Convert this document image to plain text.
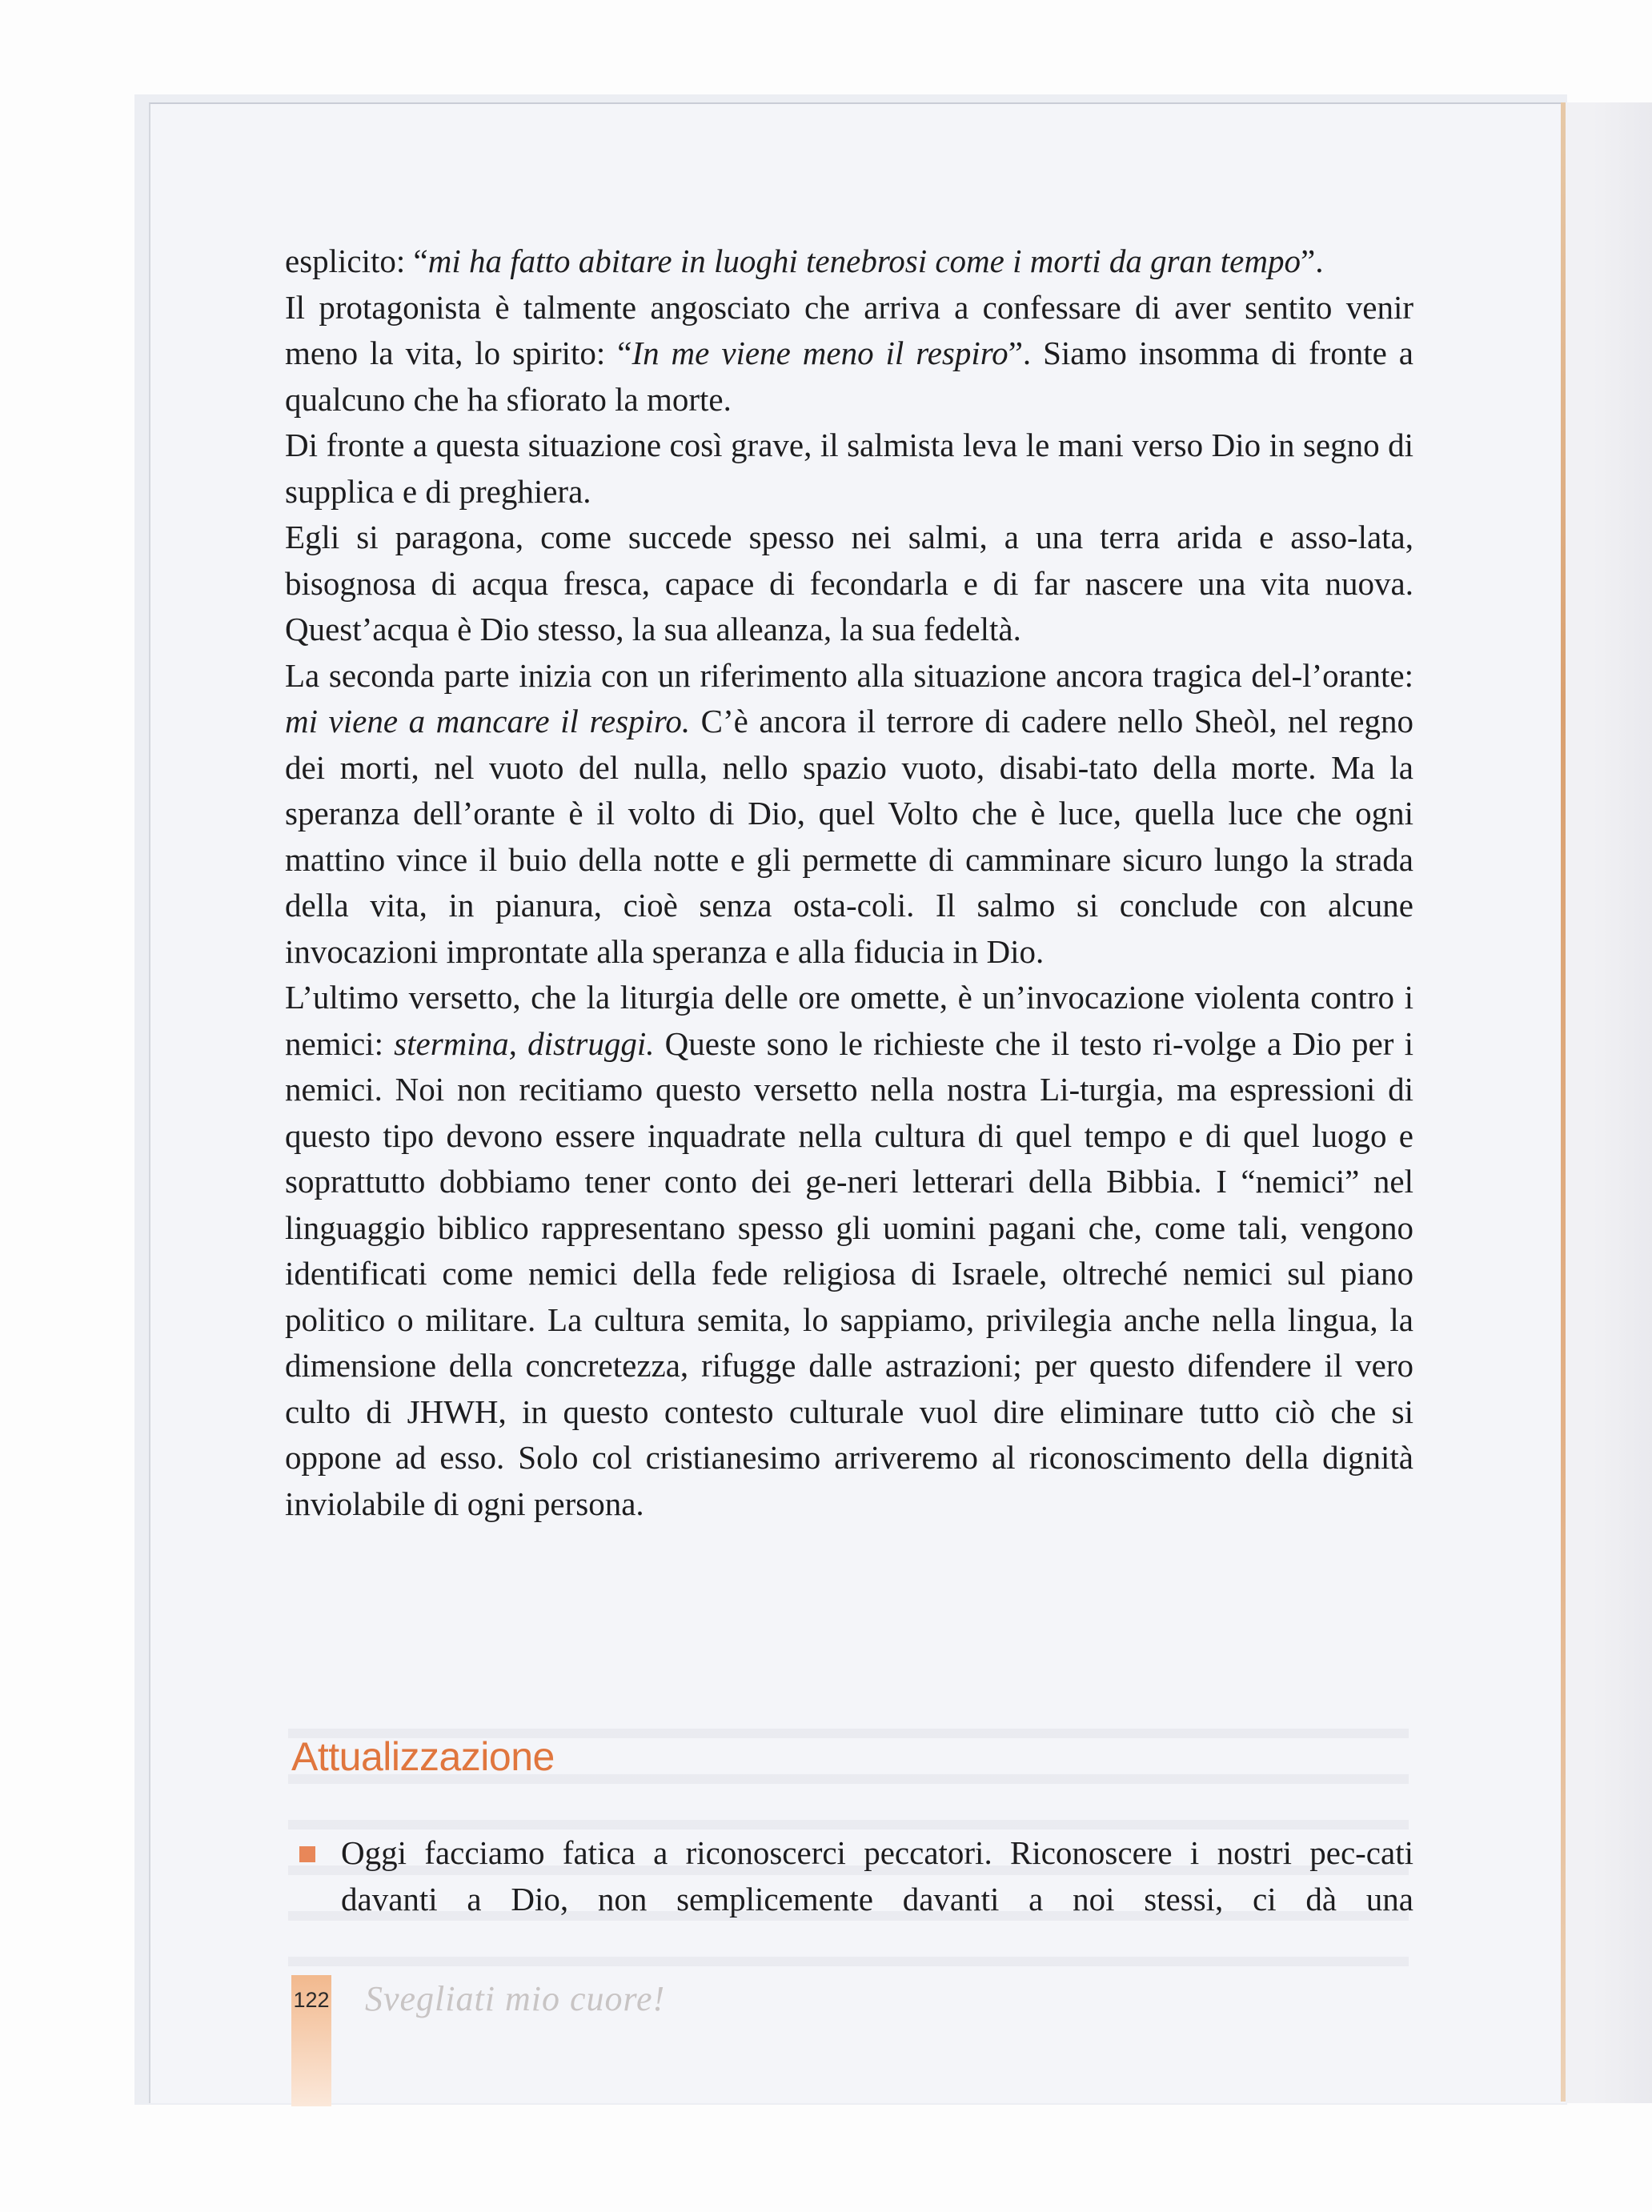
esplicito: “mi ha fatto abitare in luoghi tenebrosi come i morti da gran tempo”.

Il protagonista è talmente angosciato che arriva a confessare di aver sentito venir meno la vita, lo spirito: “In me viene meno il respiro”. Siamo insomma di fronte a qualcuno che ha sfiorato la morte.

Di fronte a questa situazione così grave, il salmista leva le mani verso Dio in segno di supplica e di preghiera.

Egli si paragona, come succede spesso nei salmi, a una terra arida e asso-lata, bisognosa di acqua fresca, capace di fecondarla e di far nascere una vita nuova. Quest’acqua è Dio stesso, la sua alleanza, la sua fedeltà.

La seconda parte inizia con un riferimento alla situazione ancora tragica del-l’orante: mi viene a mancare il respiro. C’è ancora il terrore di cadere nello Sheòl, nel regno dei morti, nel vuoto del nulla, nello spazio vuoto, disabi-tato della morte. Ma la speranza dell’orante è il volto di Dio, quel Volto che è luce, quella luce che ogni mattino vince il buio della notte e gli permette di camminare sicuro lungo la strada della vita, in pianura, cioè senza osta-coli. Il salmo si conclude con alcune invocazioni improntate alla speranza e alla fiducia in Dio.

L’ultimo versetto, che la liturgia delle ore omette, è un’invocazione violenta contro i nemici: stermina, distruggi. Queste sono le richieste che il testo ri-volge a Dio per i nemici. Noi non recitiamo questo versetto nella nostra Li-turgia, ma espressioni di questo tipo devono essere inquadrate nella cultura di quel tempo e di quel luogo e soprattutto dobbiamo tener conto dei ge-neri letterari della Bibbia. I “nemici” nel linguaggio biblico rappresentano spesso gli uomini pagani che, come tali, vengono identificati come nemici della fede religiosa di Israele, oltreché nemici sul piano politico o militare. La cultura semita, lo sappiamo, privilegia anche nella lingua, la dimensione della concretezza, rifugge dalle astrazioni; per questo difendere il vero culto di JHWH, in questo contesto culturale vuol dire eliminare tutto ciò che si oppone ad esso. Solo col cristianesimo arriveremo al riconoscimento della dignità inviolabile di ogni persona.

Attualizzazione

Oggi facciamo fatica a riconoscerci peccatori. Riconoscere i nostri pec-cati davanti a Dio, non semplicemente davanti a noi stessi, ci dà una

122 Svegliati mio cuore!
